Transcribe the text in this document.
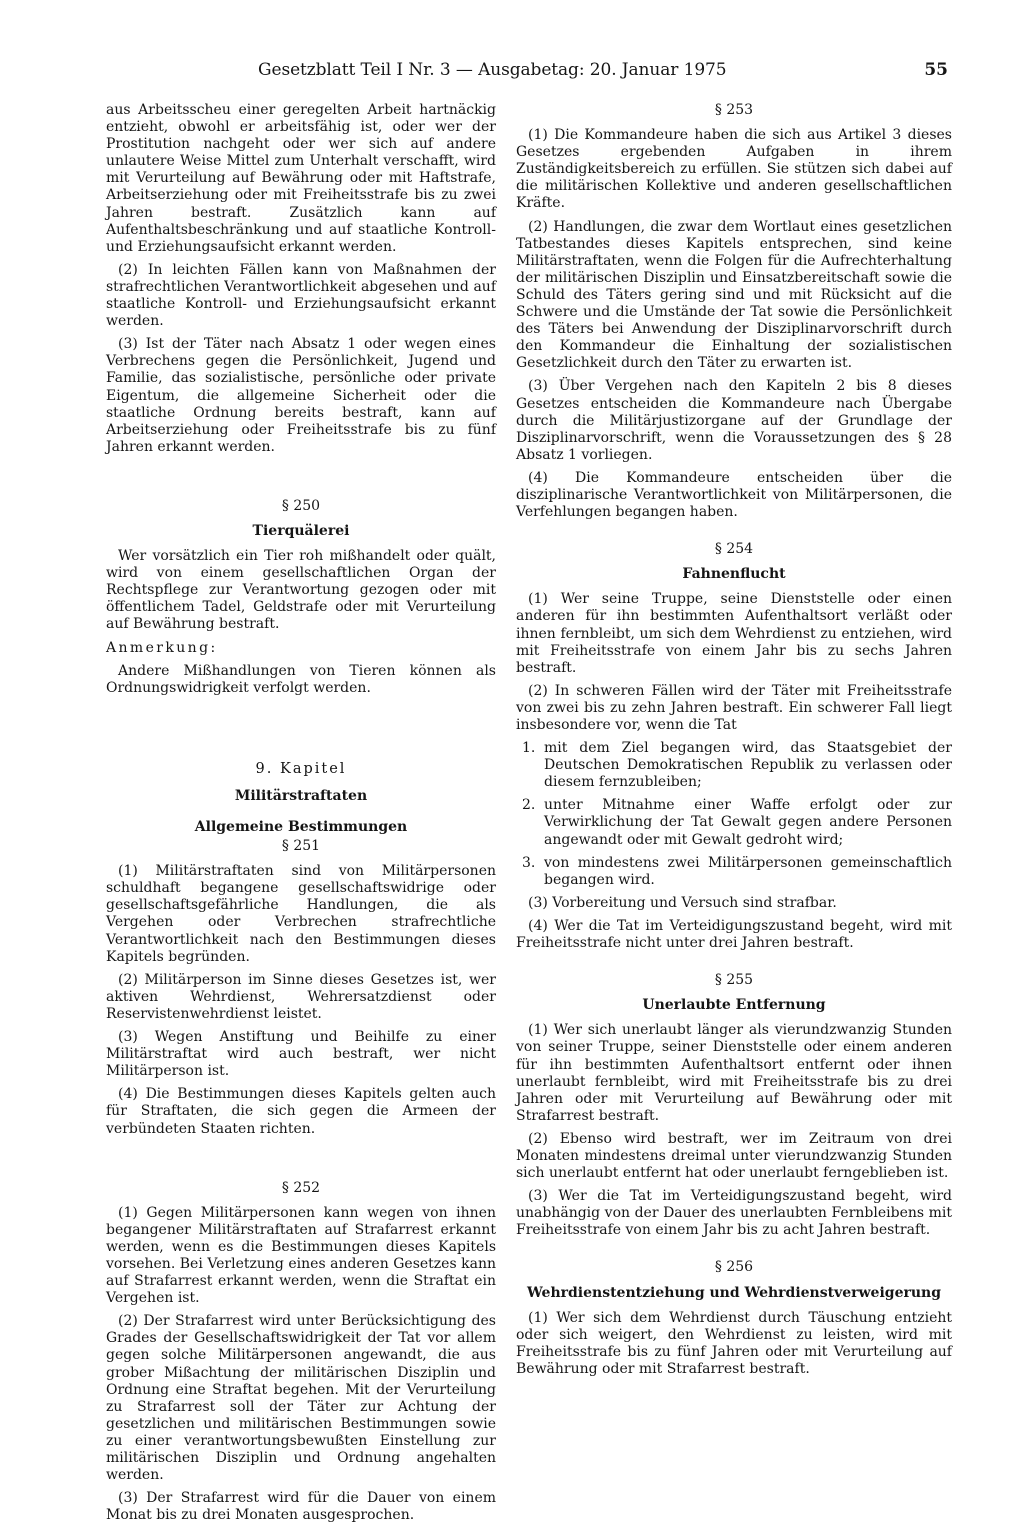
Gesetzblatt Teil I Nr. 3 — Ausgabetag: 20. Januar 1975	55

aus Arbeitsscheu einer geregelten Arbeit hartnäckig entzieht, obwohl er arbeitsfähig ist, oder wer der Prostitution nachgeht oder wer sich auf andere unlautere Weise Mittel zum Unterhalt verschafft, wird mit Verurteilung auf Bewährung oder mit Haftstrafe, Arbeitserziehung oder mit Freiheitsstrafe bis zu zwei Jahren bestraft. Zusätzlich kann auf Aufenthaltsbeschränkung und auf staatliche Kontroll- und Erziehungsaufsicht erkannt werden.

(2) In leichten Fällen kann von Maßnahmen der strafrechtlichen Verantwortlichkeit abgesehen und auf staatliche Kontroll- und Erziehungsaufsicht erkannt werden.

(3) Ist der Täter nach Absatz 1 oder wegen eines Verbrechens gegen die Persönlichkeit, Jugend und Familie, das sozialistische, persönliche oder private Eigentum, die allgemeine Sicherheit oder die staatliche Ordnung bereits bestraft, kann auf Arbeitserziehung oder Freiheitsstrafe bis zu fünf Jahren erkannt werden.

§ 250
Tierquälerei

Wer vorsätzlich ein Tier roh mißhandelt oder quält, wird von einem gesellschaftlichen Organ der Rechtspflege zur Verantwortung gezogen oder mit öffentlichem Tadel, Geldstrafe oder mit Verurteilung auf Bewährung bestraft.

Anmerkung:

Andere Mißhandlungen von Tieren können als Ordnungswidrigkeit verfolgt werden.

9. Kapitel
Militärstraftaten
Allgemeine Bestimmungen
§ 251

(1) Militärstraftaten sind von Militärpersonen schuldhaft begangene gesellschaftswidrige oder gesellschaftsgefährliche Handlungen, die als Vergehen oder Verbrechen strafrechtliche Verantwortlichkeit nach den Bestimmungen dieses Kapitels begründen.

(2) Militärperson im Sinne dieses Gesetzes ist, wer aktiven Wehrdienst, Wehrersatzdienst oder Reservistenwehrdienst leistet.

(3) Wegen Anstiftung und Beihilfe zu einer Militärstraftat wird auch bestraft, wer nicht Militärperson ist.

(4) Die Bestimmungen dieses Kapitels gelten auch für Straftaten, die sich gegen die Armeen der verbündeten Staaten richten.

§ 252

(1) Gegen Militärpersonen kann wegen von ihnen begangener Militärstraftaten auf Strafarrest erkannt werden, wenn es die Bestimmungen dieses Kapitels vorsehen. Bei Verletzung eines anderen Gesetzes kann auf Strafarrest erkannt werden, wenn die Straftat ein Vergehen ist.

(2) Der Strafarrest wird unter Berücksichtigung des Grades der Gesellschaftswidrigkeit der Tat vor allem gegen solche Militärpersonen angewandt, die aus grober Mißachtung der militärischen Disziplin und Ordnung eine Straftat begehen. Mit der Verurteilung zu Strafarrest soll der Täter zur Achtung der gesetzlichen und militärischen Bestimmungen sowie zu einer verantwortungsbewußten Einstellung zur militärischen Disziplin und Ordnung angehalten werden.

(3) Der Strafarrest wird für die Dauer von einem Monat bis zu drei Monaten ausgesprochen.

§ 253

(1) Die Kommandeure haben die sich aus Artikel 3 dieses Gesetzes ergebenden Aufgaben in ihrem Zuständigkeitsbereich zu erfüllen. Sie stützen sich dabei auf die militärischen Kollektive und anderen gesellschaftlichen Kräfte.

(2) Handlungen, die zwar dem Wortlaut eines gesetzlichen Tatbestandes dieses Kapitels entsprechen, sind keine Militärstraftaten, wenn die Folgen für die Aufrechterhaltung der militärischen Disziplin und Einsatzbereitschaft sowie die Schuld des Täters gering sind und mit Rücksicht auf die Schwere und die Umstände der Tat sowie die Persönlichkeit des Täters bei Anwendung der Disziplinarvorschrift durch den Kommandeur die Einhaltung der sozialistischen Gesetzlichkeit durch den Täter zu erwarten ist.

(3) Über Vergehen nach den Kapiteln 2 bis 8 dieses Gesetzes entscheiden die Kommandeure nach Übergabe durch die Militärjustizorgane auf der Grundlage der Disziplinarvorschrift, wenn die Voraussetzungen des § 28 Absatz 1 vorliegen.

(4) Die Kommandeure entscheiden über die disziplinarische Verantwortlichkeit von Militärpersonen, die Verfehlungen begangen haben.

§ 254
Fahnenflucht

(1) Wer seine Truppe, seine Dienststelle oder einen anderen für ihn bestimmten Aufenthaltsort verläßt oder ihnen fernbleibt, um sich dem Wehrdienst zu entziehen, wird mit Freiheitsstrafe von einem Jahr bis zu sechs Jahren bestraft.

(2) In schweren Fällen wird der Täter mit Freiheitsstrafe von zwei bis zu zehn Jahren bestraft. Ein schwerer Fall liegt insbesondere vor, wenn die Tat

1. mit dem Ziel begangen wird, das Staatsgebiet der Deutschen Demokratischen Republik zu verlassen oder diesem fernzubleiben;
2. unter Mitnahme einer Waffe erfolgt oder zur Verwirklichung der Tat Gewalt gegen andere Personen angewandt oder mit Gewalt gedroht wird;
3. von mindestens zwei Militärpersonen gemeinschaftlich begangen wird.

(3) Vorbereitung und Versuch sind strafbar.

(4) Wer die Tat im Verteidigungszustand begeht, wird mit Freiheitsstrafe nicht unter drei Jahren bestraft.

§ 255
Unerlaubte Entfernung

(1) Wer sich unerlaubt länger als vierundzwanzig Stunden von seiner Truppe, seiner Dienststelle oder einem anderen für ihn bestimmten Aufenthaltsort entfernt oder ihnen unerlaubt fernbleibt, wird mit Freiheitsstrafe bis zu drei Jahren oder mit Verurteilung auf Bewährung oder mit Strafarrest bestraft.

(2) Ebenso wird bestraft, wer im Zeitraum von drei Monaten mindestens dreimal unter vierundzwanzig Stunden sich unerlaubt entfernt hat oder unerlaubt ferngeblieben ist.

(3) Wer die Tat im Verteidigungszustand begeht, wird unabhängig von der Dauer des unerlaubten Fernbleibens mit Freiheitsstrafe von einem Jahr bis zu acht Jahren bestraft.

§ 256
Wehrdienstentziehung und Wehrdienstverweigerung

(1) Wer sich dem Wehrdienst durch Täuschung entzieht oder sich weigert, den Wehrdienst zu leisten, wird mit Freiheitsstrafe bis zu fünf Jahren oder mit Verurteilung auf Bewährung oder mit Strafarrest bestraft.
